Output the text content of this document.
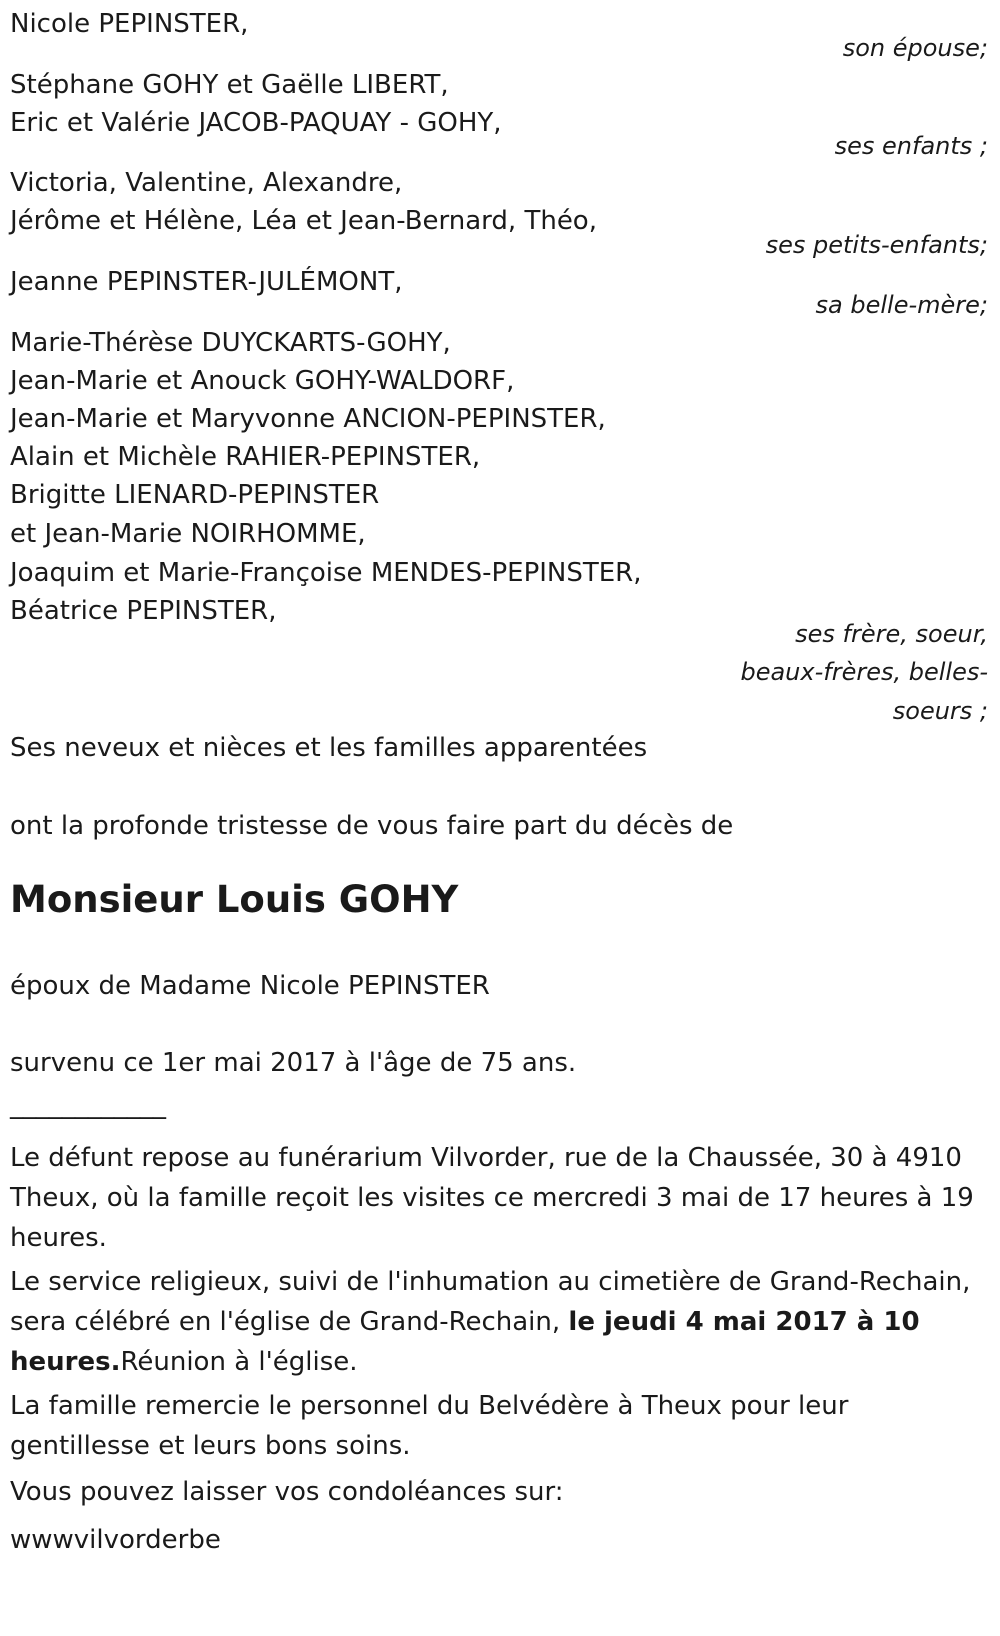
Nicole PEPINSTER,
son épouse;
Stéphane GOHY et Gaëlle LIBERT,
Eric et Valérie JACOB-PAQUAY - GOHY,
ses enfants ;
Victoria, Valentine, Alexandre,
Jérôme et Hélène, Léa et Jean-Bernard, Théo,
ses petits-enfants;
Jeanne PEPINSTER-JULÉMONT,
sa belle-mère;
Marie-Thérèse DUYCKARTS-GOHY,
Jean-Marie et Anouck GOHY-WALDORF,
Jean-Marie et Maryvonne ANCION-PEPINSTER,
Alain et Michèle RAHIER-PEPINSTER,
Brigitte LIENARD-PEPINSTER
et Jean-Marie NOIRHOMME,
Joaquim et Marie-Françoise MENDES-PEPINSTER,
Béatrice PEPINSTER,
ses frère, soeur,
beaux-frères, belles-
soeurs ;
Ses neveux et nièces et les familles apparentées
ont la profonde tristesse de vous faire part du décès de
Monsieur Louis GOHY
époux de Madame Nicole PEPINSTER
survenu ce 1er mai 2017 à l'âge de 75 ans.
____________
Le défunt repose au funérarium Vilvorder, rue de la Chaussée, 30 à 4910 Theux, où la famille reçoit les visites ce mercredi 3 mai de 17 heures à 19 heures.
Le service religieux, suivi de l'inhumation au cimetière de Grand-Rechain, sera célébré en l'église de Grand-Rechain, le jeudi 4 mai 2017 à 10 heures.Réunion à l'église.
La famille remercie le personnel du Belvédère à Theux pour leur gentillesse et leurs bons soins.
Vous pouvez laisser vos condoléances sur:
wwwvilvorderbe
